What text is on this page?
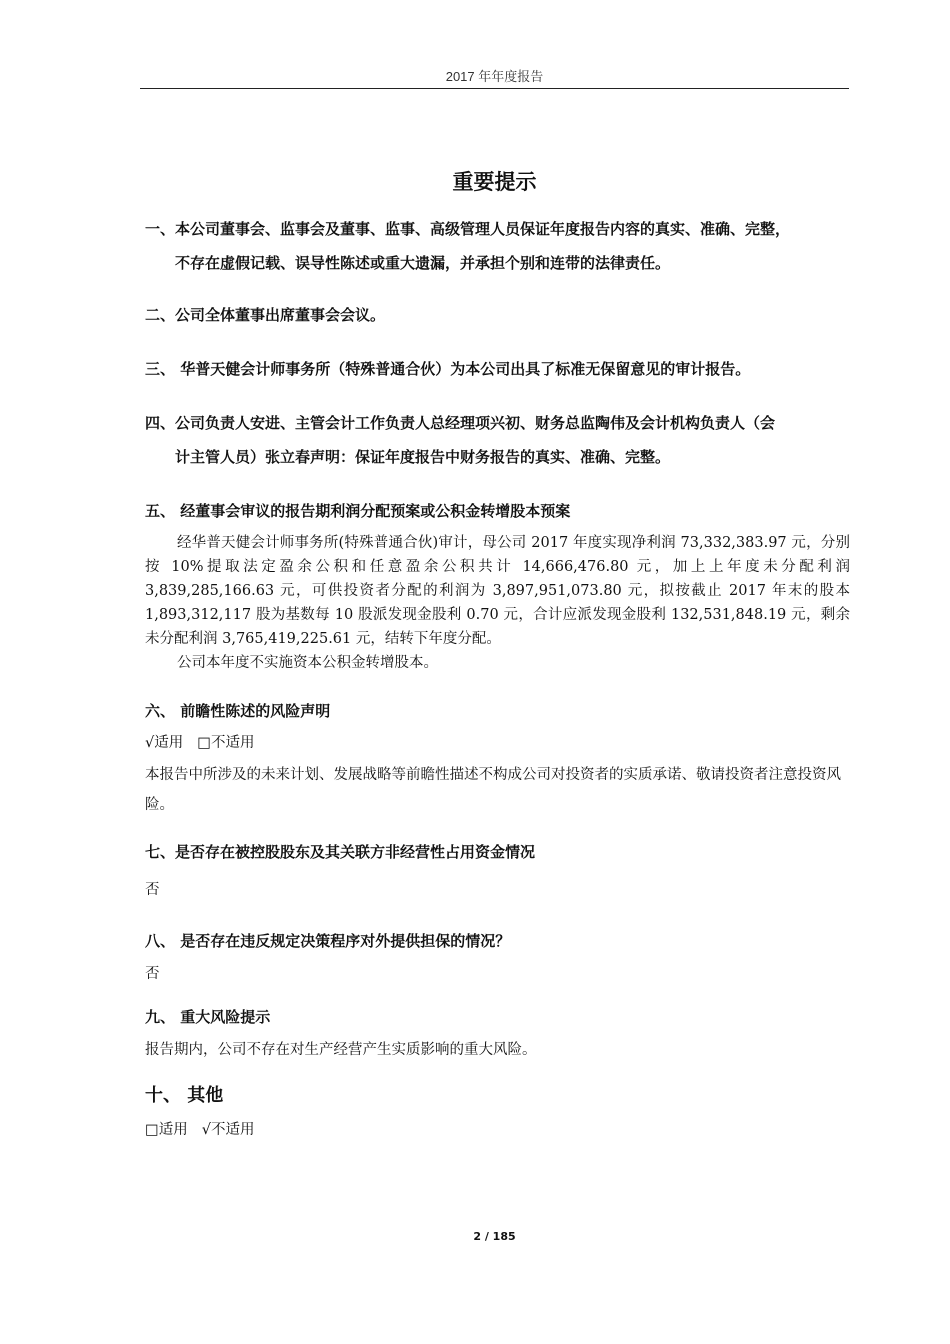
2017 年年度报告
重要提示
一、本公司董事会、监事会及董事、监事、高级管理人员保证年度报告内容的真实、准确、完整，
不存在虚假记载、误导性陈述或重大遗漏，并承担个别和连带的法律责任。
二、公司全体董事出席董事会会议。
三、 华普天健会计师事务所（特殊普通合伙）为本公司出具了标准无保留意见的审计报告。
四、公司负责人安进、主管会计工作负责人总经理项兴初、财务总监陶伟及会计机构负责人（会
计主管人员）张立春声明：保证年度报告中财务报告的真实、准确、完整。
五、 经董事会审议的报告期利润分配预案或公积金转增股本预案
经华普天健会计师事务所(特殊普通合伙)审计，母公司 2017 年度实现净利润 73,332,383.97 元，分别按 10%提取法定盈余公积和任意盈余公积共计 14,666,476.80 元，加上上年度未分配利润 3,839,285,166.63 元，可供投资者分配的利润为 3,897,951,073.80 元，拟按截止 2017 年末的股本 1,893,312,117 股为基数每 10 股派发现金股利 0.70 元，合计应派发现金股利 132,531,848.19 元，剩余未分配利润 3,765,419,225.61 元，结转下年度分配。
公司本年度不实施资本公积金转增股本。
六、 前瞻性陈述的风险声明
√适用 □不适用
本报告中所涉及的未来计划、发展战略等前瞻性描述不构成公司对投资者的实质承诺、敬请投资者注意投资风险。
七、是否存在被控股股东及其关联方非经营性占用资金情况
否
八、 是否存在违反规定决策程序对外提供担保的情况？
否
九、 重大风险提示
报告期内，公司不存在对生产经营产生实质影响的重大风险。
十、 其他
□适用 √不适用
2 / 185
